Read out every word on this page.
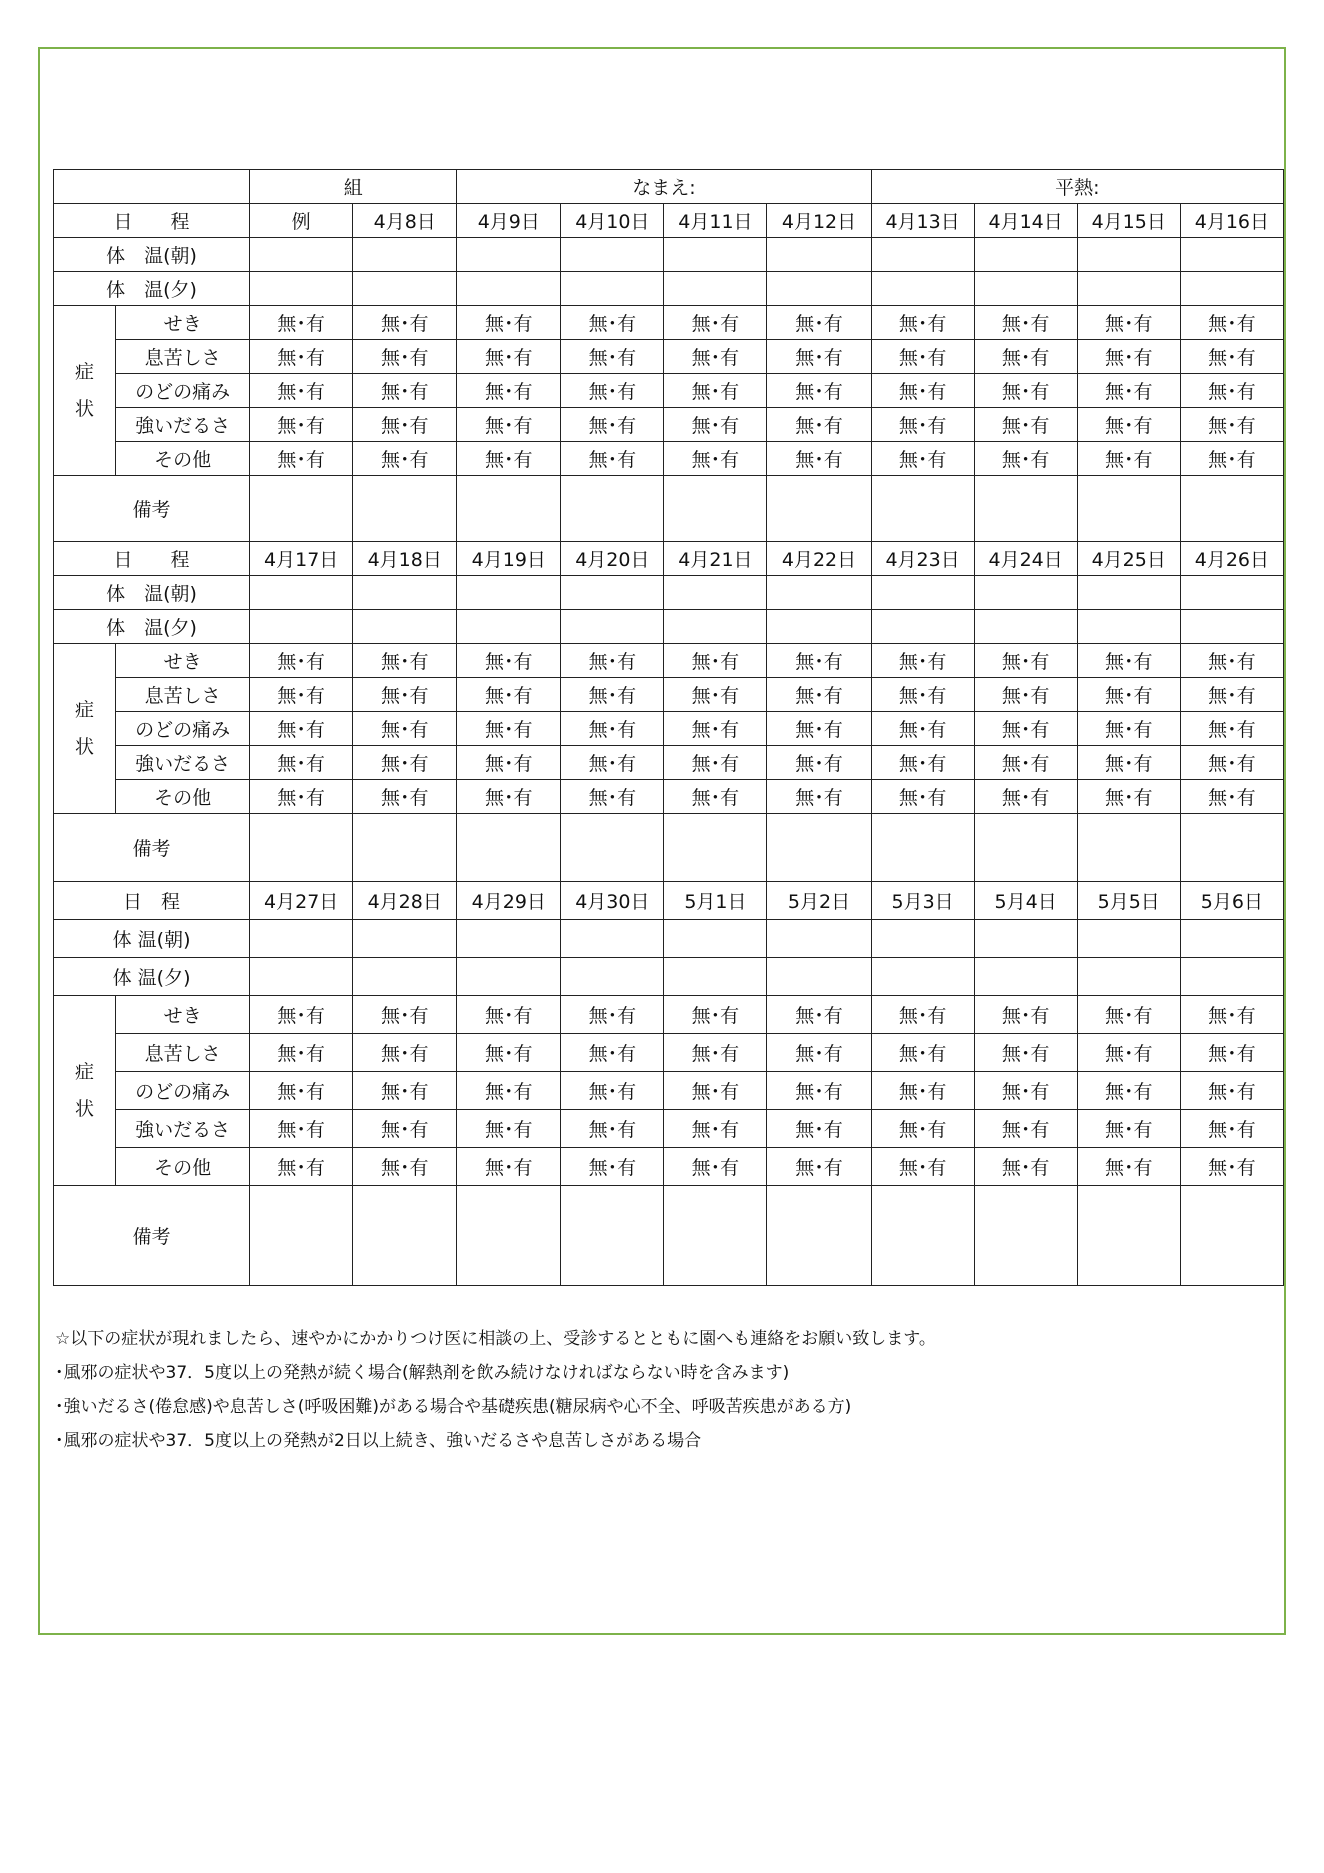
		組		なまえ:				平熱:			
日　　程		例	4月8日	4月9日	4月10日	4月11日	4月12日	4月13日	4月14日	4月15日	4月16日
体　温(朝)											
体　温(夕)											

症
状	せき	無･有	無･有	無･有	無･有	無･有	無･有	無･有	無･有	無･有	無･有
	息苦しさ	無･有	無･有	無･有	無･有	無･有	無･有	無･有	無･有	無･有	無･有
	のどの痛み	無･有	無･有	無･有	無･有	無･有	無･有	無･有	無･有	無･有	無･有
	強いだるさ	無･有	無･有	無･有	無･有	無･有	無･有	無･有	無･有	無･有	無･有
	その他	無･有	無･有	無･有	無･有	無･有	無･有	無･有	無･有	無･有	無･有
備考											
日　　程		4月17日	4月18日	4月19日	4月20日	4月21日	4月22日	4月23日	4月24日	4月25日	4月26日
体　温(朝)											
体　温(夕)											

症
状	せき	無･有	無･有	無･有	無･有	無･有	無･有	無･有	無･有	無･有	無･有
	息苦しさ	無･有	無･有	無･有	無･有	無･有	無･有	無･有	無･有	無･有	無･有
	のどの痛み	無･有	無･有	無･有	無･有	無･有	無･有	無･有	無･有	無･有	無･有
	強いだるさ	無･有	無･有	無･有	無･有	無･有	無･有	無･有	無･有	無･有	無･有
	その他	無･有	無･有	無･有	無･有	無･有	無･有	無･有	無･有	無･有	無･有
備考											
日　程		4月27日	4月28日	4月29日	4月30日	5月1日	5月2日	5月3日	5月4日	5月5日	5月6日
体 温(朝)											
体 温(夕)											

症
状	せき	無･有	無･有	無･有	無･有	無･有	無･有	無･有	無･有	無･有	無･有
	息苦しさ	無･有	無･有	無･有	無･有	無･有	無･有	無･有	無･有	無･有	無･有
	のどの痛み	無･有	無･有	無･有	無･有	無･有	無･有	無･有	無･有	無･有	無･有
	強いだるさ	無･有	無･有	無･有	無･有	無･有	無･有	無･有	無･有	無･有	無･有
	その他	無･有	無･有	無･有	無･有	無･有	無･有	無･有	無･有	無･有	無･有
備考											
☆以下の症状が現れましたら、速やかにかかりつけ医に相談の上、受診するとともに園へも連絡をお願い致します。
･風邪の症状や37．5度以上の発熱が続く場合(解熱剤を飲み続けなければならない時を含みます)
･強いだるさ(倦怠感)や息苦しさ(呼吸困難)がある場合や基礎疾患(糖尿病や心不全、呼吸苦疾患がある方)
･風邪の症状や37．5度以上の発熱が2日以上続き、強いだるさや息苦しさがある場合
